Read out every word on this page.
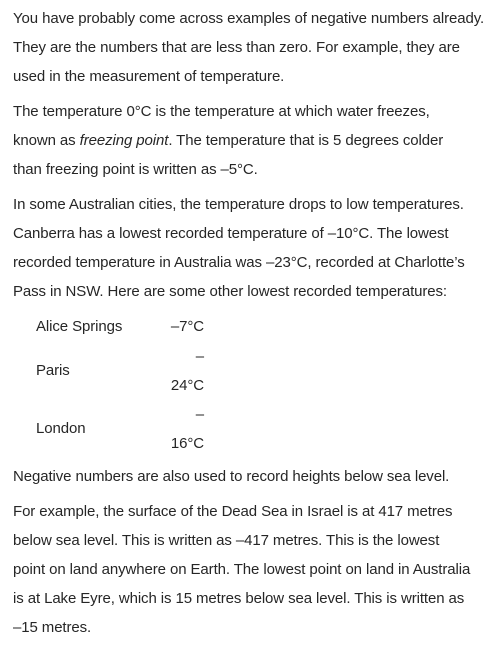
You have probably come across examples of negative numbers already.
They are the numbers that are less than zero. For example, they are
used in the measurement of temperature.

The temperature 0°C is the temperature at which water freezes,
known as freezing point. The temperature that is 5 degrees colder
than freezing point is written as –5°C.

In some Australian cities, the temperature drops to low temperatures.
Canberra has a lowest recorded temperature of –10°C. The lowest
recorded temperature in Australia was –23°C, recorded at Charlotte’s
Pass in NSW. Here are some other lowest recorded temperatures:

Alice Springs	–7°C
Paris	–24°C
London	–16°C

Negative numbers are also used to record heights below sea level.

For example, the surface of the Dead Sea in Israel is at 417 metres
below sea level. This is written as –417 metres. This is the lowest
point on land anywhere on Earth. The lowest point on land in Australia
is at Lake Eyre, which is 15 metres below sea level. This is written as
–15 metres.
